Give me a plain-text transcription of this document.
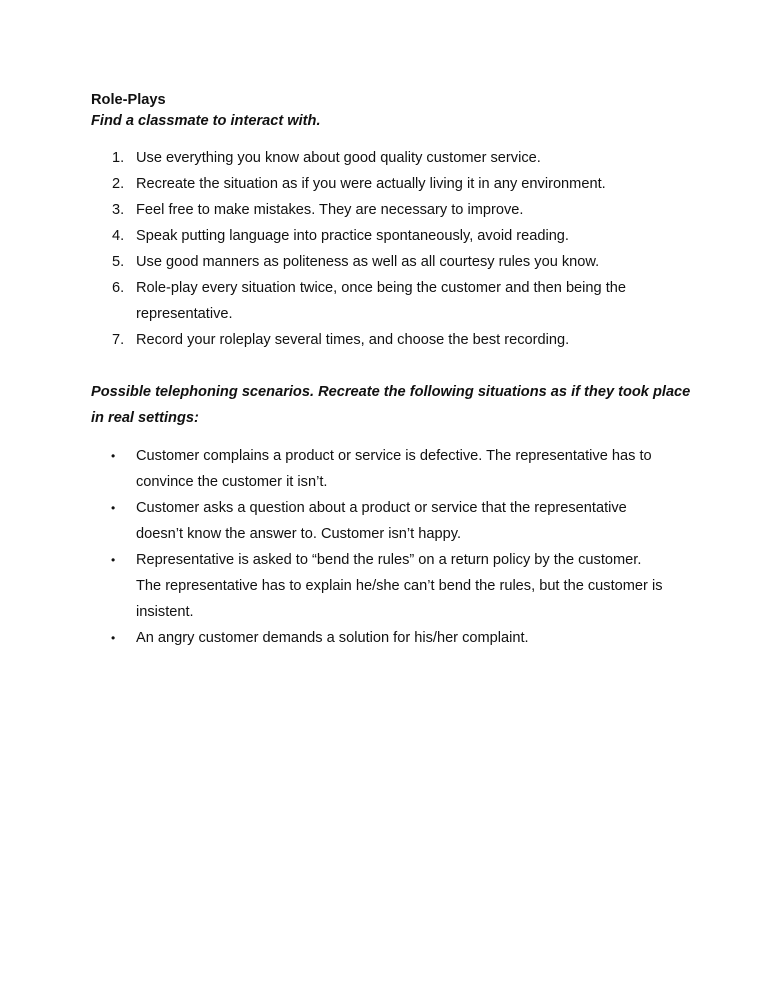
Role-Plays
Find a classmate to interact with.
1. Use everything you know about good quality customer service.
2. Recreate the situation as if you were actually living it in any environment.
3. Feel free to make mistakes. They are necessary to improve.
4. Speak putting language into practice spontaneously, avoid reading.
5. Use good manners as politeness as well as all courtesy rules you know.
6. Role-play every situation twice, once being the customer and then being the representative.
7. Record your roleplay several times, and choose the best recording.
Possible telephoning scenarios. Recreate the following situations as if they took place in real settings:
• Customer complains a product or service is defective. The representative has to convince the customer it isn’t.
• Customer asks a question about a product or service that the representative doesn’t know the answer to. Customer isn’t happy.
• Representative is asked to “bend the rules” on a return policy by the customer. The representative has to explain he/she can’t bend the rules, but the customer is insistent.
• An angry customer demands a solution for his/her complaint.
